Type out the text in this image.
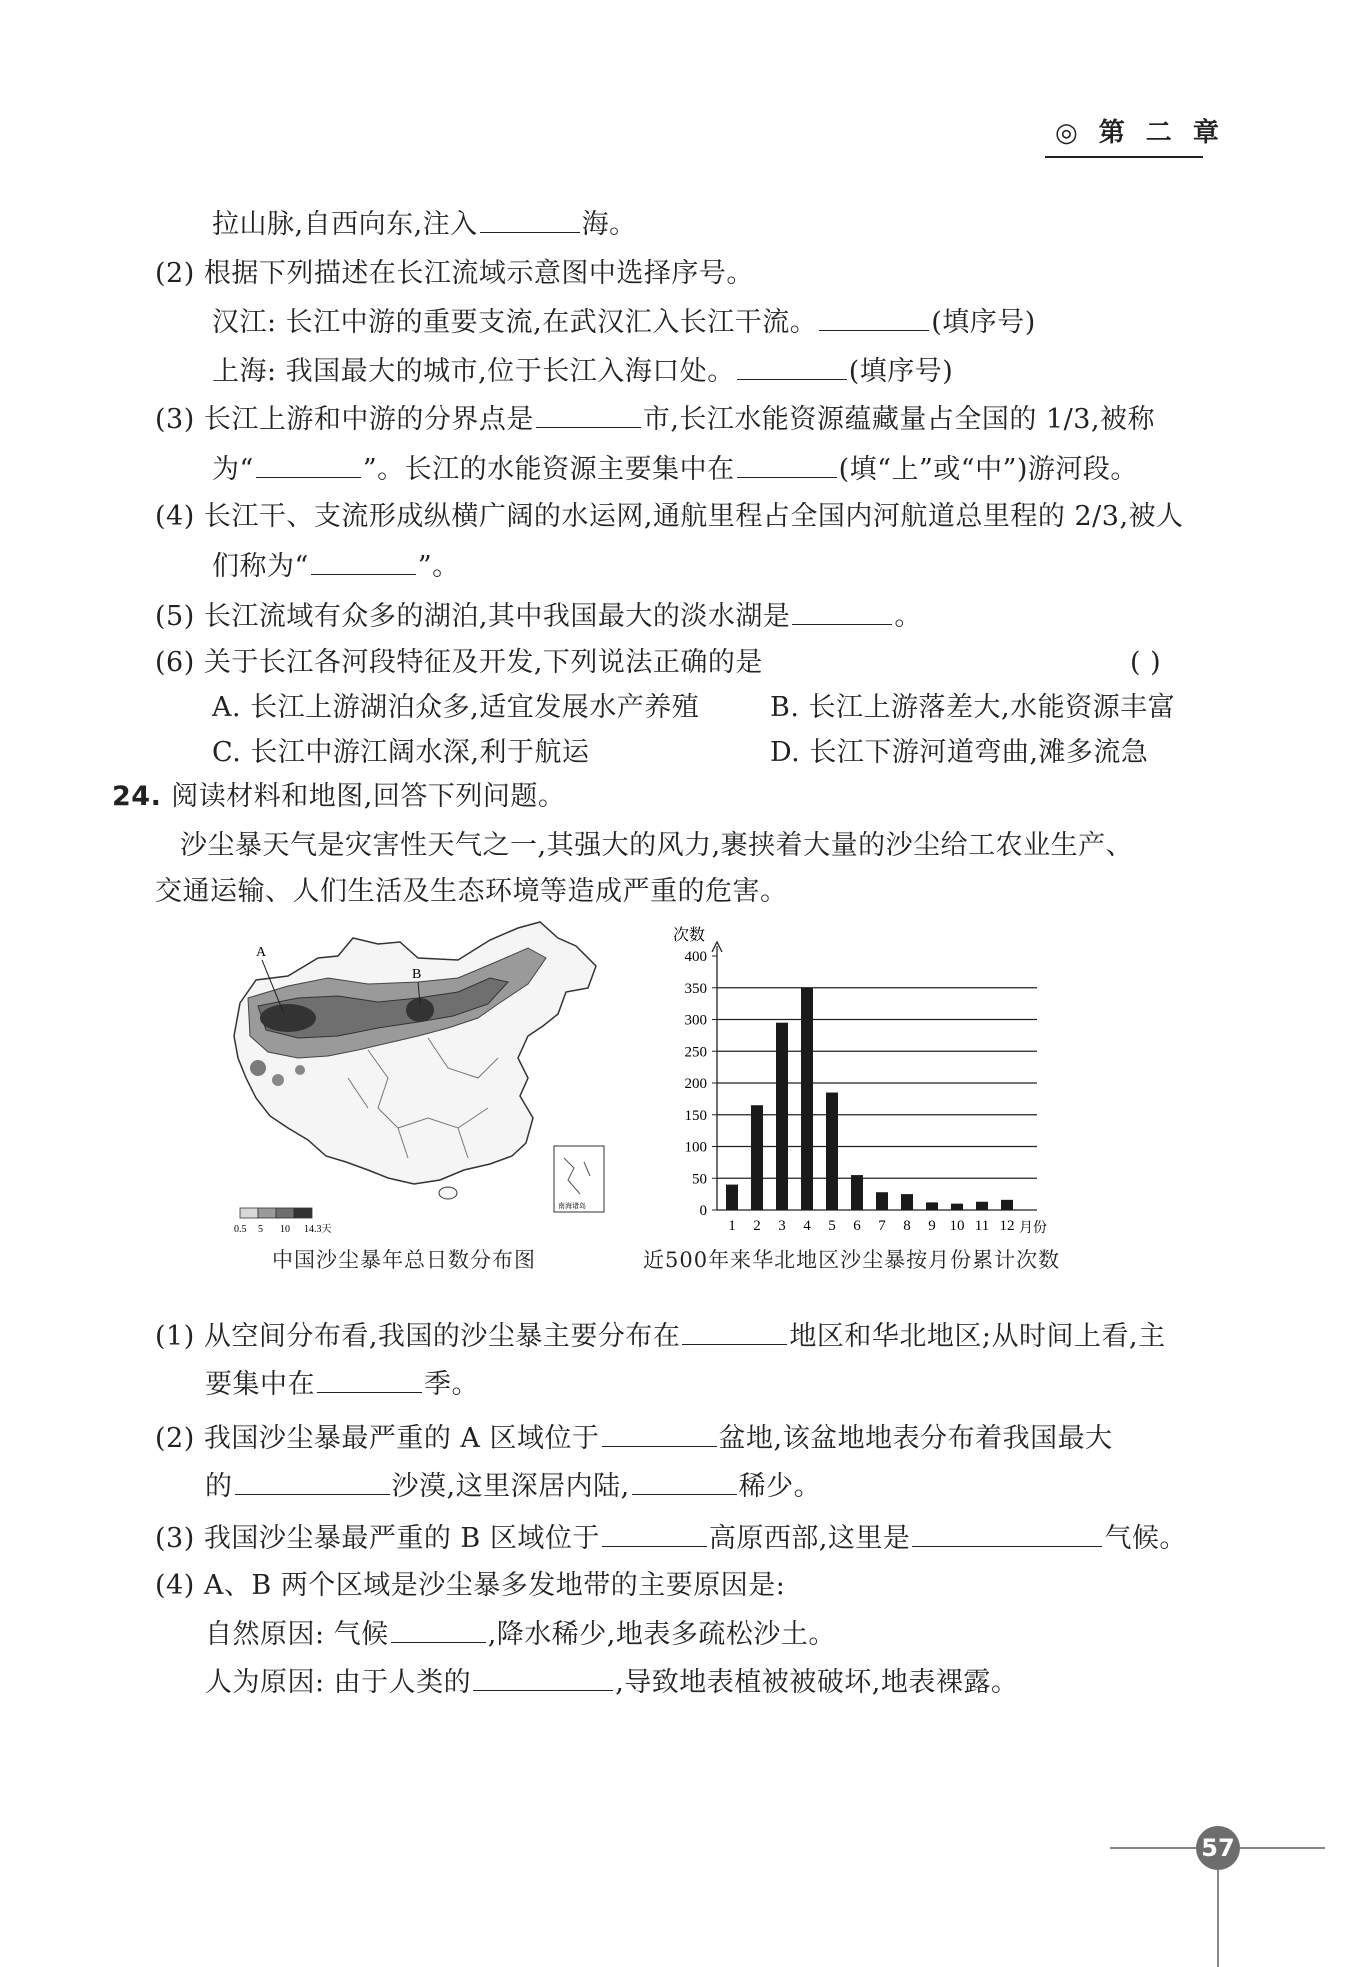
◎ 第 二 章
拉山脉,自西向东,注入	海。
(2) 根据下列描述在长江流域示意图中选择序号。
汉江: 长江中游的重要支流,在武汉汇入长江干流。	(填序号)
上海: 我国最大的城市,位于长江入海口处。	(填序号)
(3) 长江上游和中游的分界点是	市,长江水能资源蕴藏量占全国的 1/3,被称
为“	”。长江的水能资源主要集中在	(填“上”或“中”)游河段。
(4) 长江干、支流形成纵横广阔的水运网,通航里程占全国内河航道总里程的 2/3,被人
们称为“	”。
(5) 长江流域有众多的湖泊,其中我国最大的淡水湖是	。
(6) 关于长江各河段特征及开发,下列说法正确的是	( )
A. 长江上游湖泊众多,适宜发展水产养殖	B. 长江上游落差大,水能资源丰富
C. 长江中游江阔水深,利于航运	D. 长江下游河道弯曲,滩多流急
24. 阅读材料和地图,回答下列问题。
沙尘暴天气是灾害性天气之一,其强大的风力,裹挟着大量的沙尘给工农业生产、
交通运输、人们生活及生态环境等造成严重的危害。
(1) 从空间分布看,我国的沙尘暴主要分布在	地区和华北地区;从时间上看,主
要集中在	季。
(2) 我国沙尘暴最严重的 A 区域位于	盆地,该盆地地表分布着我国最大
的	沙漠,这里深居内陆,	稀少。
(3) 我国沙尘暴最严重的 B 区域位于	高原西部,这里是	气候。
(4) A、B 两个区域是沙尘暴多发地带的主要原因是:
自然原因: 气候	,降水稀少,地表多疏松沙土。
人为原因: 由于人类的	,导致地表植被被破坏,地表裸露。
A
B
南海诸岛
0.5 5 10 14.3天
中国沙尘暴年总日数分布图
次数
0
50
100
150
200
250
300
350
400
1 2 3 4 5 6 7 8 9 10 11 12 月份
近500年来华北地区沙尘暴按月份累计次数
57
